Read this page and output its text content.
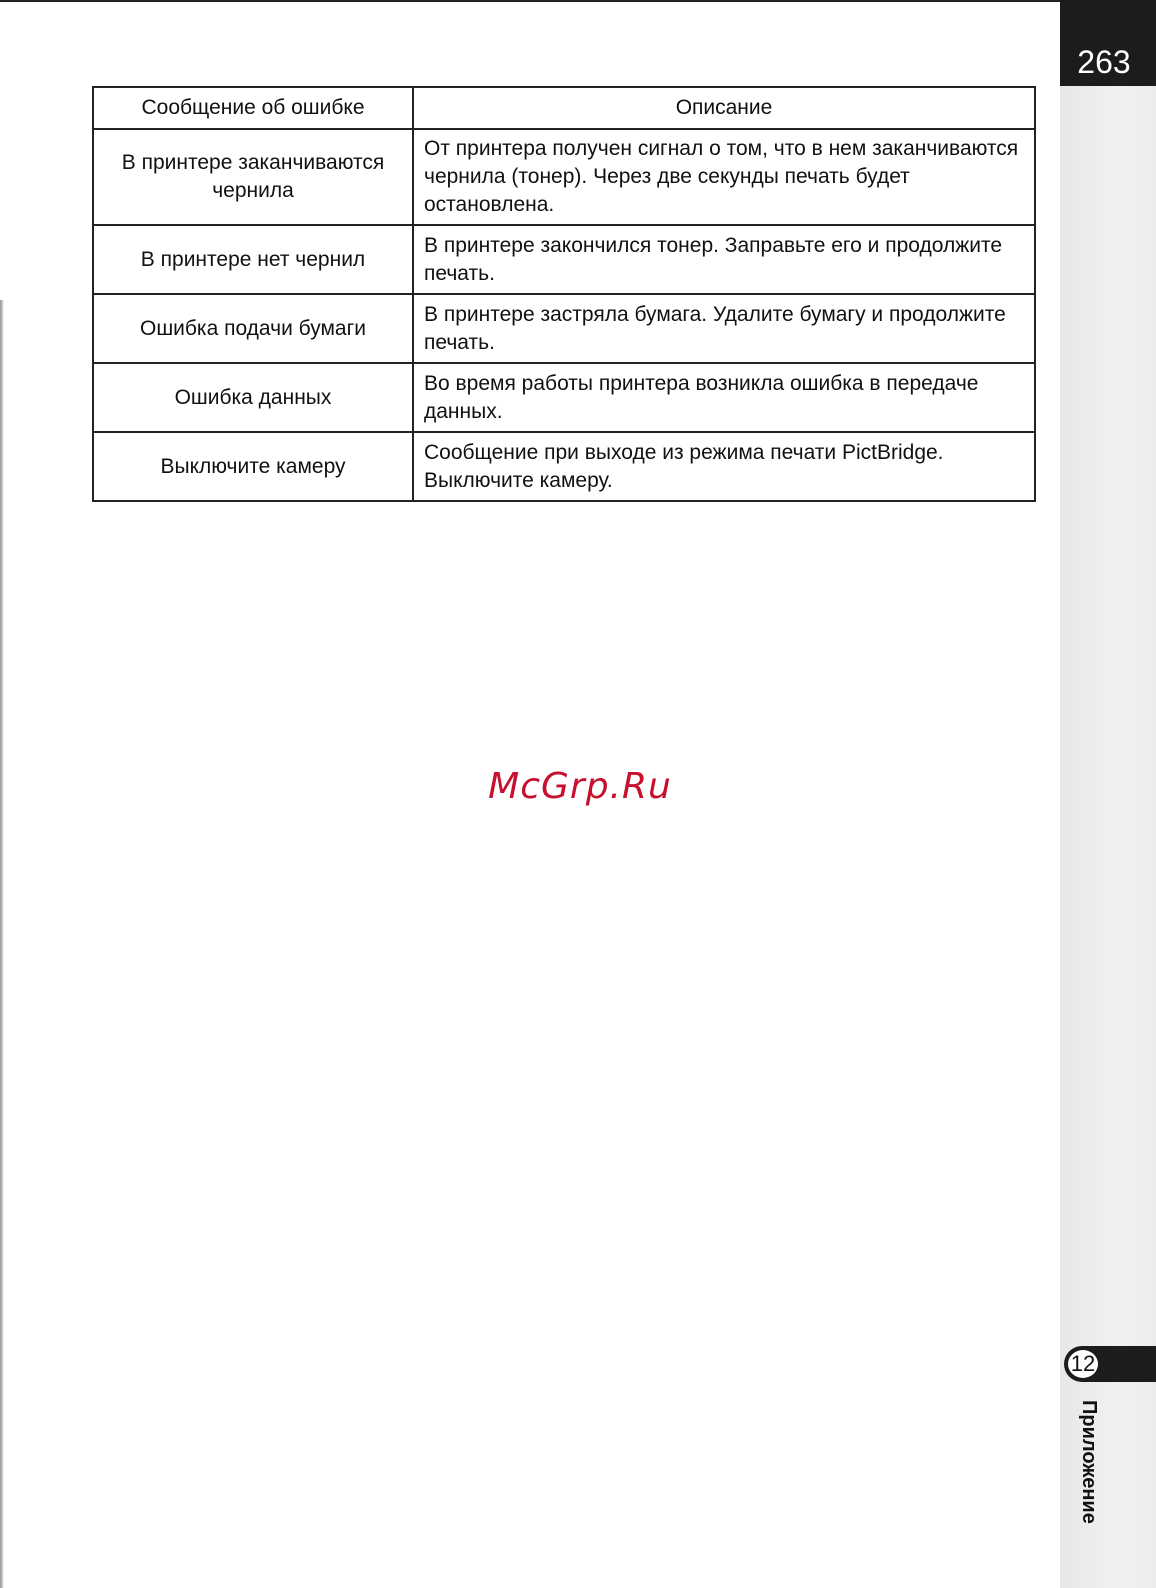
263
12
Приложение
Сообщение об ошибке	Описание
В принтере заканчиваются чернила	От принтера получен сигнал о том, что в нем заканчиваются чернила (тонер). Через две секунды печать будет остановлена.
В принтере нет чернил	В принтере закончился тонер. Заправьте его и продолжите печать.
Ошибка подачи бумаги	В принтере застряла бумага. Удалите бумагу и продолжите печать.
Ошибка данных	Во время работы принтера возникла ошибка в передаче данных.
Выключите камеру	Сообщение при выходе из режима печати PictBridge. Выключите камеру.
McGrp.Ru
